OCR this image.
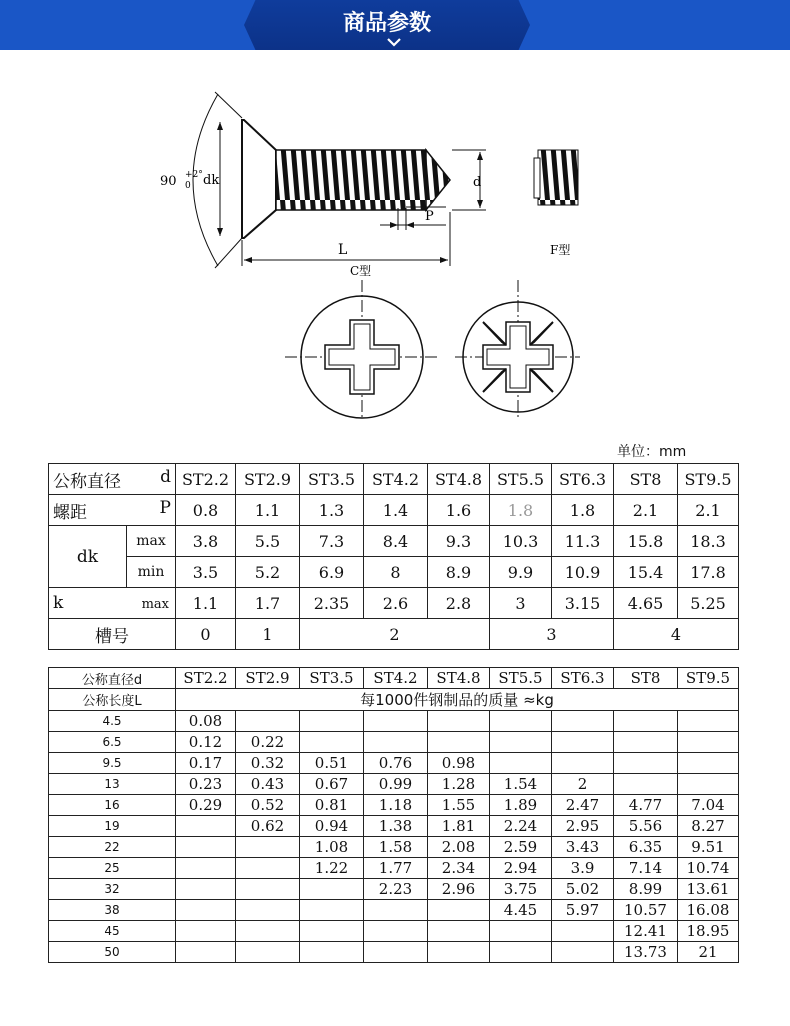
商品参数
90 +2°
0 dk	d
P
L
C型
F型
单位：mm
公称直径 d		ST2.2	ST2.9	ST3.5	ST4.2	ST4.8	ST5.5	ST6.3	ST8	ST9.5
螺距 P		0.8	1.1	1.3	1.4	1.6	1.8	1.8	2.1	2.1
dk	max	3.8	5.5	7.3	8.4	9.3	10.3	11.3	15.8	18.3
	min	3.5	5.2	6.9	8	8.9	9.9	10.9	15.4	17.8
k max		1.1	1.7	2.35	2.6	2.8	3	3.15	4.65	5.25
槽号		0	1	2			3		4	
公称直径d	ST2.2	ST2.9	ST3.5	ST4.2	ST4.8	ST5.5	ST6.3	ST8	ST9.5
公称长度L	每1000件钢制品的质量 ≈kg								
4.5	0.08								
6.5	0.12	0.22							
9.5	0.17	0.32	0.51	0.76	0.98				
13	0.23	0.43	0.67	0.99	1.28	1.54	2		
16	0.29	0.52	0.81	1.18	1.55	1.89	2.47	4.77	7.04
19		0.62	0.94	1.38	1.81	2.24	2.95	5.56	8.27
22			1.08	1.58	2.08	2.59	3.43	6.35	9.51
25			1.22	1.77	2.34	2.94	3.9	7.14	10.74
32				2.23	2.96	3.75	5.02	8.99	13.61
38						4.45	5.97	10.57	16.08
45								12.41	18.95
50								13.73	21
